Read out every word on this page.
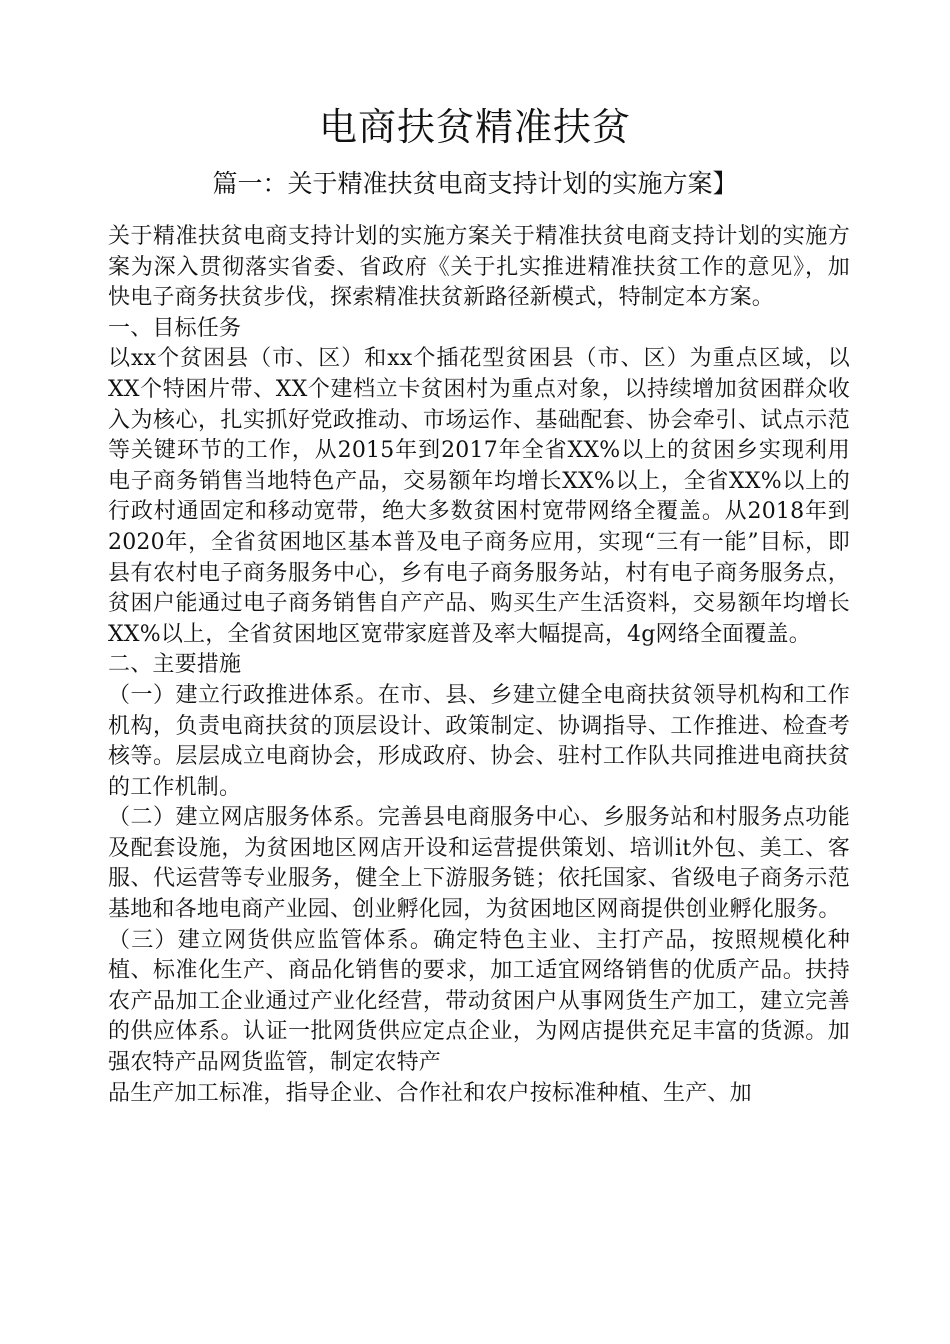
电商扶贫精准扶贫
篇一：关于精准扶贫电商支持计划的实施方案】

关于精准扶贫电商支持计划的实施方案关于精准扶贫电商支持计划的实施方案为深入贯彻落实省委、省政府《关于扎实推进精准扶贫工作的意见》，加快电子商务扶贫步伐，探索精准扶贫新路径新模式，特制定本方案。

一、目标任务

以xx个贫困县（市、区）和xx个插花型贫困县（市、区）为重点区域，以XX个特困片带、XX个建档立卡贫困村为重点对象，以持续增加贫困群众收入为核心，扎实抓好党政推动、市场运作、基础配套、协会牵引、试点示范等关键环节的工作，从2015年到2017年全省XX%以上的贫困乡实现利用电子商务销售当地特色产品，交易额年均增长XX%以上，全省XX%以上的行政村通固定和移动宽带，绝大多数贫困村宽带网络全覆盖。从2018年到2020年，全省贫困地区基本普及电子商务应用，实现“三有一能”目标，即县有农村电子商务服务中心，乡有电子商务服务站，村有电子商务服务点，贫困户能通过电子商务销售自产产品、购买生产生活资料，交易额年均增长XX%以上，全省贫困地区宽带家庭普及率大幅提高，4g网络全面覆盖。

二、主要措施

（一）建立行政推进体系。在市、县、乡建立健全电商扶贫领导机构和工作机构，负责电商扶贫的顶层设计、政策制定、协调指导、工作推进、检查考核等。层层成立电商协会，形成政府、协会、驻村工作队共同推进电商扶贫的工作机制。

（二）建立网店服务体系。完善县电商服务中心、乡服务站和村服务点功能及配套设施，为贫困地区网店开设和运营提供策划、培训it外包、美工、客服、代运营等专业服务，健全上下游服务链；依托国家、省级电子商务示范基地和各地电商产业园、创业孵化园，为贫困地区网商提供创业孵化服务。

（三）建立网货供应监管体系。确定特色主业、主打产品，按照规模化种植、标准化生产、商品化销售的要求，加工适宜网络销售的优质产品。扶持农产品加工企业通过产业化经营，带动贫困户从事网货生产加工，建立完善的供应体系。认证一批网货供应定点企业，为网店提供充足丰富的货源。加强农特产品网货监管，制定农特产

品生产加工标准，指导企业、合作社和农户按标准种植、生产、加
